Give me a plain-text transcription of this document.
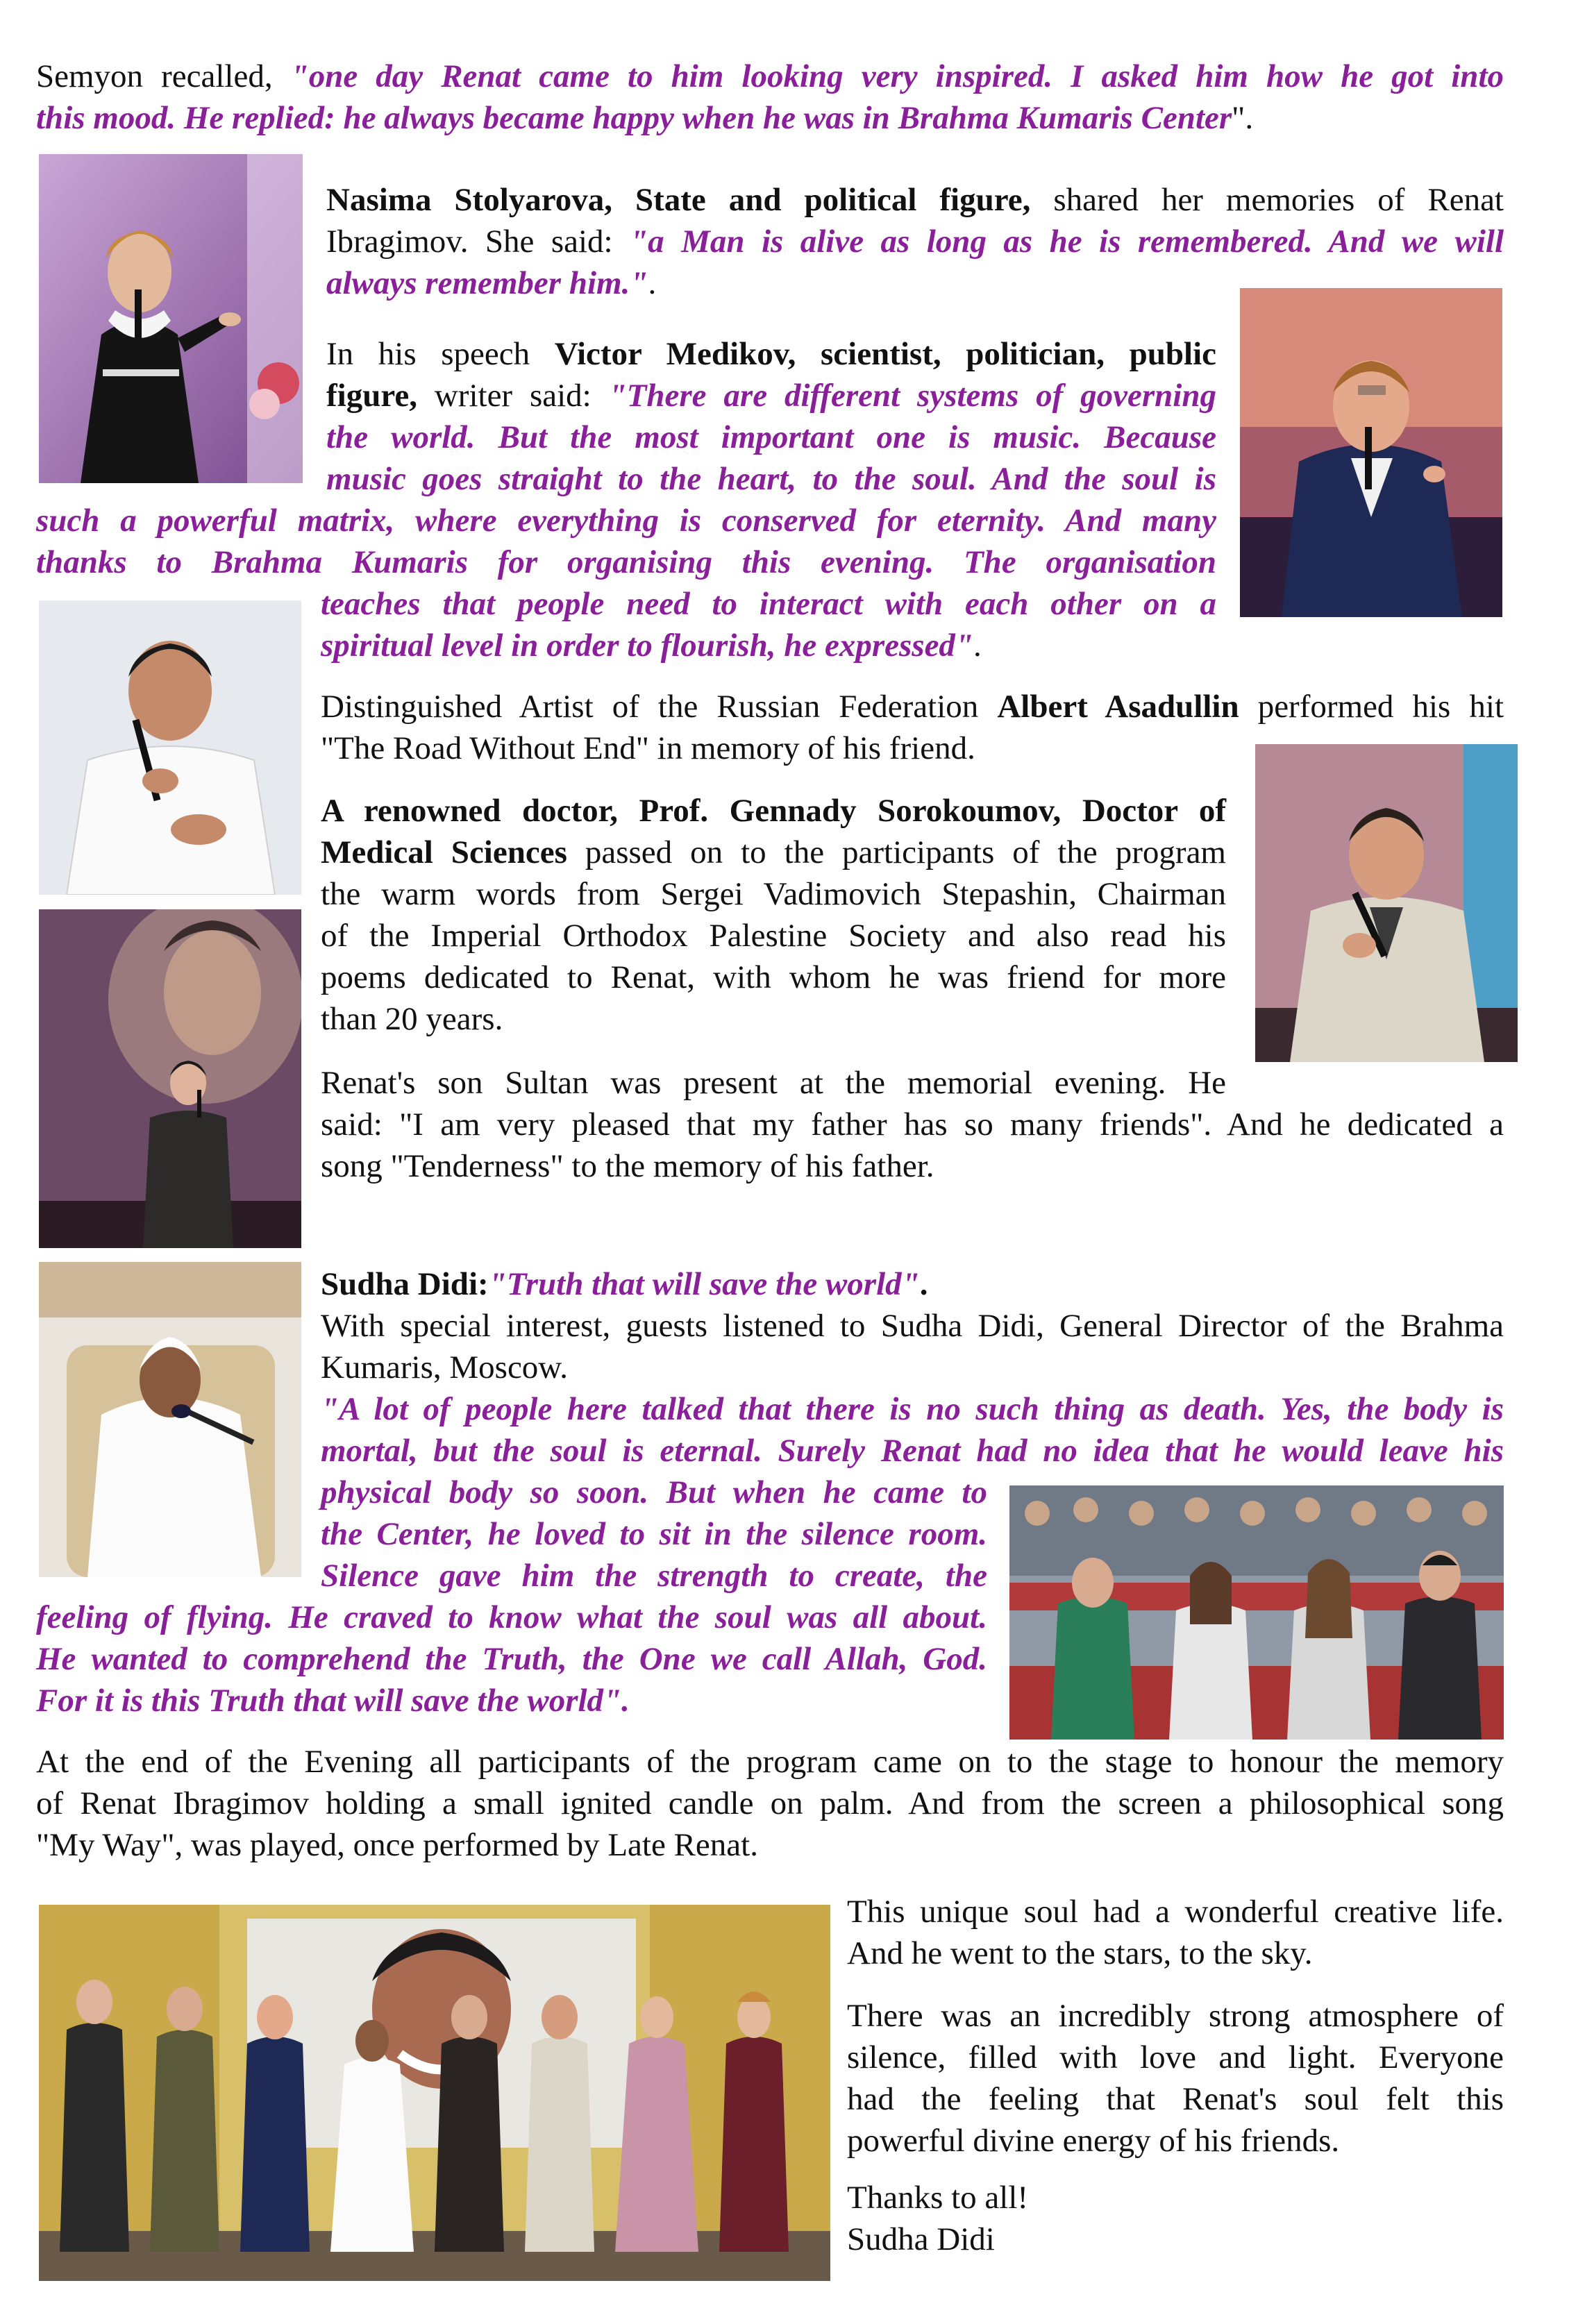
Semyon recalled, "one day Renat came to him looking very inspired. I asked him how he got into
this mood. He replied: he always became happy when he was in Brahma Kumaris Center".

Nasima Stolyarova, State and political figure, shared her memories of Renat
Ibragimov. She said: "a Man is alive as long as he is remembered. And we will
always remember him.".

In his speech Victor Medikov, scientist, politician, public
figure, writer said: "There are different systems of governing
the world. But the most important one is music. Because
music goes straight to the heart, to the soul. And the soul is

such a powerful matrix, where everything is conserved for eternity. And many
thanks to Brahma Kumaris for organising this evening. The organisation

teaches that people need to interact with each other on a
spiritual level in order to flourish, he expressed".

Distinguished Artist of the Russian Federation Albert Asadullin performed his hit
"The Road Without End" in memory of his friend.

A renowned doctor, Prof. Gennady Sorokoumov, Doctor of
Medical Sciences passed on to the participants of the program
the warm words from Sergei Vadimovich Stepashin, Chairman
of the Imperial Orthodox Palestine Society and also read his
poems dedicated to Renat, with whom he was friend for more
than 20 years.

Renat's son Sultan was present at the memorial evening. He

said: "I am very pleased that my father has so many friends". And he dedicated a
song "Tenderness" to the memory of his father.

Sudha Didi:"Truth that will save the world".
With special interest, guests listened to Sudha Didi, General Director of the Brahma
Kumaris, Moscow.
"A lot of people here talked that there is no such thing as death. Yes, the body is
mortal, but the soul is eternal. Surely Renat had no idea that he would leave his

physical body so soon. But when he came to
the Center, he loved to sit in the silence room.
Silence gave him the strength to create, the

feeling of flying. He craved to know what the soul was all about.
He wanted to comprehend the Truth, the One we call Allah, God.
For it is this Truth that will save the world".

At the end of the Evening all participants of the program came on to the stage to honour the memory
of Renat Ibragimov holding a small ignited candle on palm. And from the screen a philosophical song
"My Way", was played, once performed by Late Renat.

This unique soul had a wonderful creative life.
And he went to the stars, to the sky.

There was an incredibly strong atmosphere of
silence, filled with love and light. Everyone
had the feeling that Renat's soul felt this
powerful divine energy of his friends.

Thanks to all!
Sudha Didi
